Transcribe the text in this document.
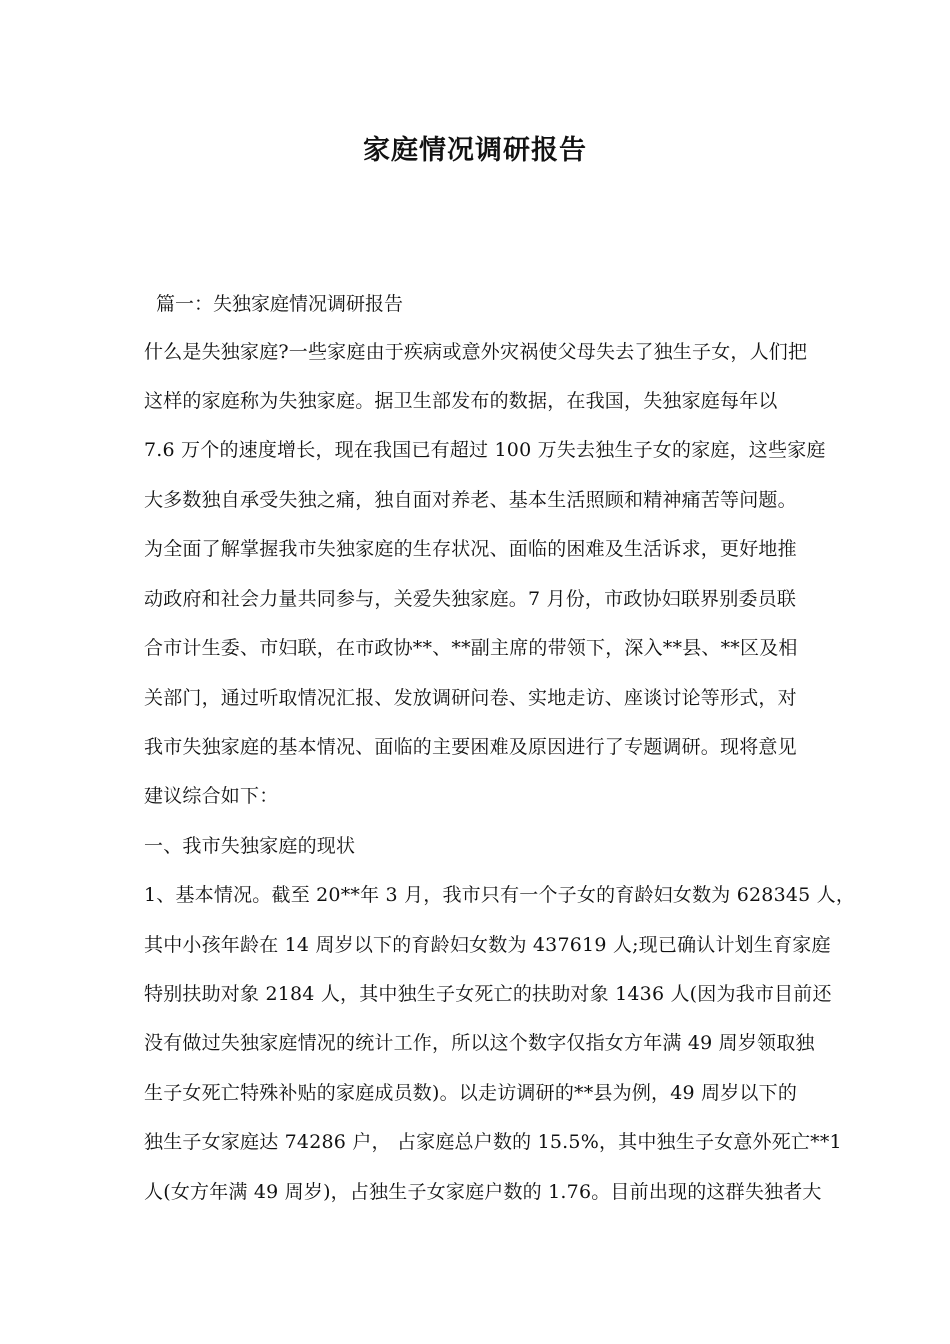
家庭情况调研报告

篇一：失独家庭情况调研报告

什么是失独家庭?一些家庭由于疾病或意外灾祸使父母失去了独生子女，人们把

这样的家庭称为失独家庭。据卫生部发布的数据，在我国，失独家庭每年以

7.6 万个的速度增长，现在我国已有超过 100 万失去独生子女的家庭，这些家庭

大多数独自承受失独之痛，独自面对养老、基本生活照顾和精神痛苦等问题。

为全面了解掌握我市失独家庭的生存状况、面临的困难及生活诉求，更好地推

动政府和社会力量共同参与，关爱失独家庭。7 月份，市政协妇联界别委员联

合市计生委、市妇联，在市政协**、**副主席的带领下，深入**县、**区及相

关部门，通过听取情况汇报、发放调研问卷、实地走访、座谈讨论等形式，对

我市失独家庭的基本情况、面临的主要困难及原因进行了专题调研。现将意见

建议综合如下：

一、我市失独家庭的现状

1、基本情况。截至 20**年 3 月，我市只有一个子女的育龄妇女数为 628345 人，

其中小孩年龄在 14 周岁以下的育龄妇女数为 437619 人;现已确认计划生育家庭

特别扶助对象 2184 人，其中独生子女死亡的扶助对象 1436 人(因为我市目前还

没有做过失独家庭情况的统计工作，所以这个数字仅指女方年满 49 周岁领取独

生子女死亡特殊补贴的家庭成员数)。以走访调研的**县为例，49 周岁以下的

独生子女家庭达 74286 户， 占家庭总户数的 15.5%，其中独生子女意外死亡**1

人(女方年满 49 周岁)，占独生子女家庭户数的 1.76。目前出现的这群失独者大
